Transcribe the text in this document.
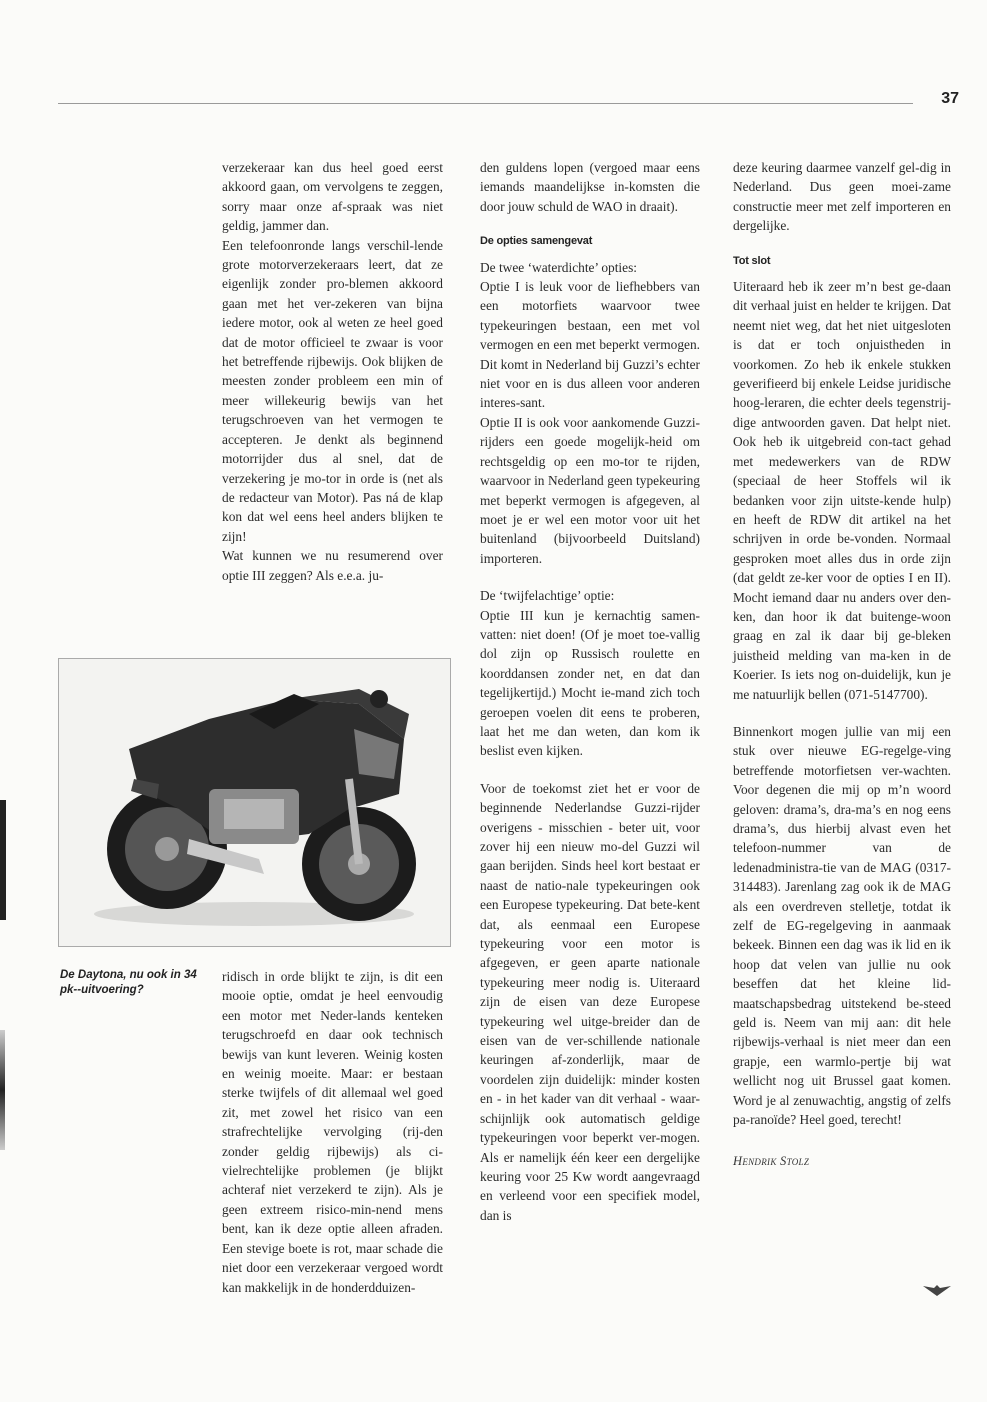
37

verzekeraar kan dus heel goed eerst akkoord gaan, om vervolgens te zeggen, sorry maar onze af-spraak was niet geldig, jammer dan.

Een telefoonronde langs verschil-lende grote motorverzekeraars leert, dat ze eigenlijk zonder pro-blemen akkoord gaan met het ver-zekeren van bijna iedere motor, ook al weten ze heel goed dat de motor officieel te zwaar is voor het betreffende rijbewijs. Ook blijken de meesten zonder probleem een min of meer willekeurig bewijs van het terugschroeven van het vermogen te accepteren. Je denkt als beginnend motorrijder dus al snel, dat de verzekering je mo-tor in orde is (net als de redacteur van Motor). Pas ná de klap kon dat wel eens heel anders blijken te zijn!

Wat kunnen we nu resumerend over optie III zeggen? Als e.e.a. ju-

De Daytona, nu ook in 34 pk--uitvoering?

ridisch in orde blijkt te zijn, is dit een mooie optie, omdat je heel eenvoudig een motor met Neder-lands kenteken terugschroefd en daar ook technisch bewijs van kunt leveren. Weinig kosten en weinig moeite. Maar: er bestaan sterke twijfels of dit allemaal wel goed zit, met zowel het risico van een strafrechtelijke vervolging (rij-den zonder geldig rijbewijs) als ci-vielrechtelijke problemen (je blijkt achteraf niet verzekerd te zijn). Als je geen extreem risico-min-nend mens bent, kan ik deze optie alleen afraden. Een stevige boete is rot, maar schade die niet door een verzekeraar vergoed wordt kan makkelijk in de honderdduizen-

den guldens lopen (vergoed maar eens iemands maandelijkse in-komsten die door jouw schuld de WAO in draait).

De opties samengevat

De twee ‘waterdichte’ opties:

Optie I is leuk voor de liefhebbers van een motorfiets waarvoor twee typekeuringen bestaan, een met vol vermogen en een met beperkt vermogen. Dit komt in Nederland bij Guzzi’s echter niet voor en is dus alleen voor anderen interes-sant.

Optie II is ook voor aankomende Guzzi-rijders een goede mogelijk-heid om rechtsgeldig op een mo-tor te rijden, waarvoor in Nederland geen typekeuring met beperkt vermogen is afgegeven, al moet je er wel een motor voor uit het buitenland (bijvoorbeeld Duitsland) importeren.

De ‘twijfelachtige’ optie:

Optie III kun je kernachtig samen-vatten: niet doen! (Of je moet toe-vallig dol zijn op Russisch roulette en koorddansen zonder net, en dat dan tegelijkertijd.) Mocht ie-mand zich toch geroepen voelen dit eens te proberen, laat het me dan weten, dan kom ik beslist even kijken.

Voor de toekomst ziet het er voor de beginnende Nederlandse Guzzi-rijder overigens - misschien - beter uit, voor zover hij een nieuw mo-del Guzzi wil gaan berijden. Sinds heel kort bestaat er naast de natio-nale typekeuringen ook een Europese typekeuring. Dat bete-kent dat, als eenmaal een Europese typekeuring voor een motor is afgegeven, er geen aparte nationale typekeuring meer nodig is. Uiteraard zijn de eisen van deze Europese typekeuring wel uitge-breider dan de eisen van de ver-schillende nationale keuringen af-zonderlijk, maar de voordelen zijn duidelijk: minder kosten en - in het kader van dit verhaal - waar-schijnlijk ook automatisch geldige typekeuringen voor beperkt ver-mogen. Als er namelijk één keer een dergelijke keuring voor 25 Kw wordt aangevraagd en verleend voor een specifiek model, dan is

deze keuring daarmee vanzelf gel-dig in Nederland. Dus geen moei-zame constructie meer met zelf importeren en dergelijke.

Tot slot

Uiteraard heb ik zeer m’n best ge-daan dit verhaal juist en helder te krijgen. Dat neemt niet weg, dat het niet uitgesloten is dat er toch onjuistheden in voorkomen. Zo heb ik enkele stukken geverifieerd bij enkele Leidse juridische hoog-leraren, die echter deels tegenstrij-dige antwoorden gaven. Dat helpt niet. Ook heb ik uitgebreid con-tact gehad met medewerkers van de RDW (speciaal de heer Stoffels wil ik bedanken voor zijn uitste-kende hulp) en heeft de RDW dit artikel na het schrijven in orde be-vonden. Normaal gesproken moet alles dus in orde zijn (dat geldt ze-ker voor de opties I en II). Mocht iemand daar nu anders over den-ken, dan hoor ik dat buitenge-woon graag en zal ik daar bij ge-bleken juistheid melding van ma-ken in de Koerier. Is iets nog on-duidelijk, kun je me natuurlijk bellen (071-5147700).

Binnenkort mogen jullie van mij een stuk over nieuwe EG-regelge-ving betreffende motorfietsen ver-wachten. Voor degenen die mij op m’n woord geloven: drama’s, dra-ma’s en nog eens drama’s, dus hierbij alvast even het telefoon-nummer van de ledenadministra-tie van de MAG (0317-314483). Jarenlang zag ook ik de MAG als een overdreven stelletje, totdat ik zelf de EG-regelgeving in aanmaak bekeek. Binnen een dag was ik lid en ik hoop dat velen van jullie nu ook beseffen dat het kleine lid-maatschapsbedrag uitstekend be-steed geld is. Neem van mij aan: dit hele rijbewijs-verhaal is niet meer dan een grapje, een warmlo-pertje bij wat wellicht nog uit Brussel gaat komen. Word je al zenuwachtig, angstig of zelfs pa-ranoïde? Heel goed, terecht!

Hendrik Stolz
